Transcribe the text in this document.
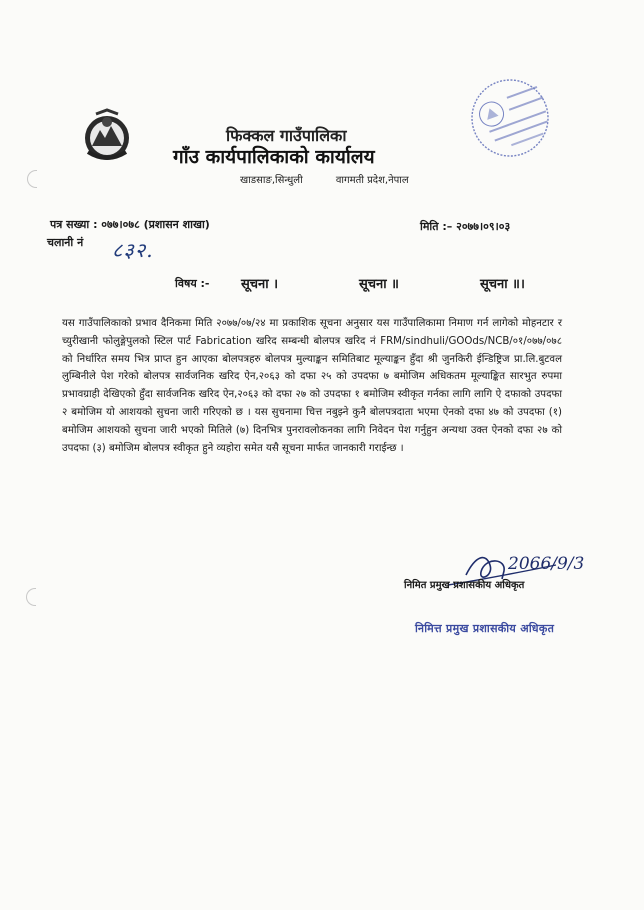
फिक्कल गाउँपालिका
गाँउ कार्यपालिकाको कार्यालय
खाडसाङ,सिन्धुली	वागमती प्रदेश,नेपाल
पत्र सख्या : ०७७।०७८ (प्रशासन शाखा)	मिति :– २०७७।०९।०३
चलानी नं ८३२.
विषय :- सूचना ।	सूचना ॥	सूचना ॥।
यस गाउँपालिकाको प्रभाव दैनिकमा मिति २०७७/०७/२४ मा प्रकाशिक सूचना अनुसार यस गाउँपालिकामा निमाण गर्न लागेको मोहनटार र च्युरीखानी फोलुङ्गेपुलको स्टिल पार्ट Fabrication खरिद सम्बन्धी बोलपत्र खरिद नं FRM/sindhuli/GOOds/NCB/०१/०७७/०७८ को निर्धारित समय भित्र प्राप्त हुन आएका बोलपत्रहरु बोलपत्र मुल्याङ्कन समितिबाट मूल्याङ्कन हुँदा श्री जुनकिरी ईन्डिष्ट्रिज प्रा.लि.बुटवल लुम्बिनीले पेश गरेको बोलपत्र सार्वजनिक खरिद ऐन,२०६३ को दफा २५ को उपदफा ७ बमोजिम अधिकतम मूल्याङ्कित सारभुत रुपमा प्रभावग्राही देखिएको हुँदा सार्वजनिक खरिद ऐन,२०६३ को दफा २७ को उपदफा १ बमोजिम स्वीकृत गर्नका लागि लागि ऐ दफाको उपदफा २ बमोजिम यो आशयको सुचना जारी गरिएको छ । यस सुचनामा चित्त नबुझ्ने कुनै बोलपत्रदाता भएमा ऐनको दफा ४७ को उपदफा (१) बमोजिम आशयको सुचना जारी भएको मितिले (७) दिनभित्र पुनरावलोकनका लागि निवेदन पेश गर्नुहुन अन्यथा उक्त ऐनको दफा २७ को उपदफा (३) बमोजिम बोलपत्र स्वीकृत हुने व्यहोरा समेत यसै सूचना मार्फत जानकारी गराईन्छ ।
2066/9/3
निमित प्रमुख प्रशासकीय अधिकृत
निमित्त प्रमुख प्रशासकीय अधिकृत
